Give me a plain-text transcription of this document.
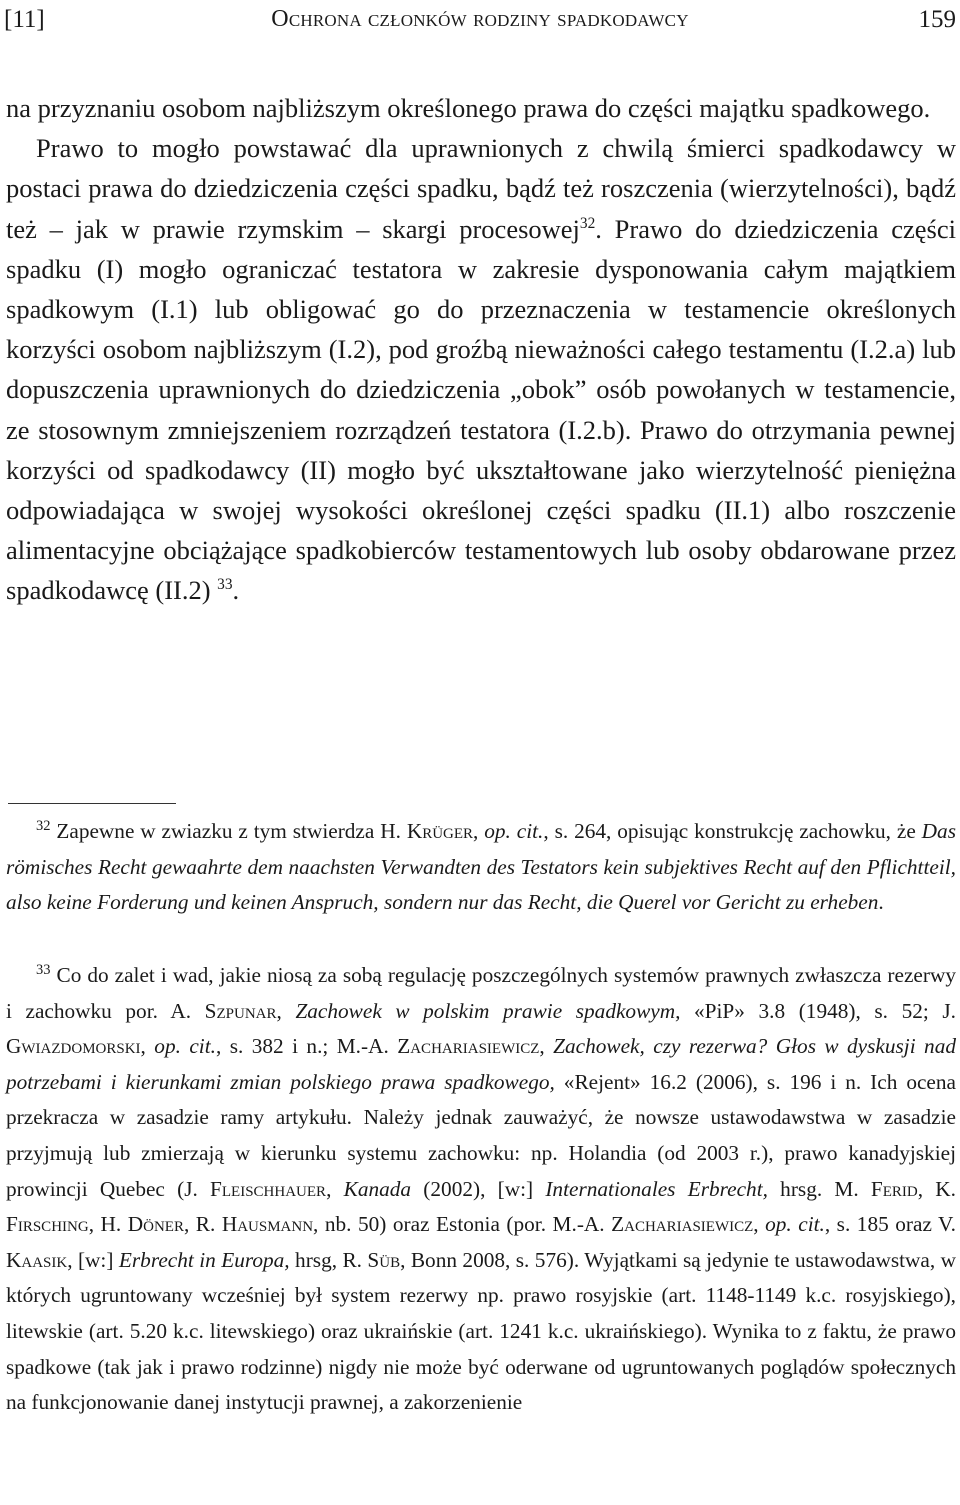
[11]	Ochrona członków rodziny spadkodawcy	159

na przyznaniu osobom najbliższym określonego prawa do części majątku spadkowego.

Prawo to mogło powstawać dla uprawnionych z chwilą śmierci spadkodawcy w postaci prawa do dziedziczenia części spadku, bądź też roszczenia (wierzytelności), bądź też – jak w prawie rzymskim – skargi procesowej$^{32}$. Prawo do dziedziczenia części spadku (I) mogło ograniczać testatora w zakresie dysponowania całym majątkiem spadkowym (I.1) lub obligować go do przeznaczenia w testamencie określonych korzyści osobom najbliższym (I.2), pod groźbą nieważności całego testamentu (I.2.a) lub dopuszczenia uprawnionych do dziedziczenia „obok” osób powołanych w testamencie, ze stosownym zmniejszeniem rozrządzeń testatora (I.2.b). Prawo do otrzymania pewnej korzyści od spadkodawcy (II) mogło być ukształtowane jako wierzytelność pieniężna odpowiadająca w swojej wysokości określonej części spadku (II.1) albo roszczenie alimentacyjne obciążające spadkobierców testamentowych lub osoby obdarowane przez spadkodawcę (II.2) $^{33}$.

$^{32}$ Zapewne w zwiazku z tym stwierdza H. Krüger, op. cit., s. 264, opisując konstrukcję zachowku, że Das römisches Recht gewaahrte dem naachsten Verwandten des Testators kein subjektives Recht auf den Pflichtteil, also keine Forderung und keinen Anspruch, sondern nur das Recht, die Querel vor Gericht zu erheben.

$^{33}$ Co do zalet i wad, jakie niosą za sobą regulację poszczególnych systemów prawnych zwłaszcza rezerwy i zachowku por. A. Szpunar, Zachowek w polskim prawie spadkowym, «PiP» 3.8 (1948), s. 52; J. Gwiazdomorski, op. cit., s. 382 i n.; M.-A. Zachariasiewicz, Zachowek, czy rezerwa? Głos w dyskusji nad potrzebami i kierunkami zmian polskiego prawa spadkowego, «Rejent» 16.2 (2006), s. 196 i n. Ich ocena przekracza w zasadzie ramy artykułu. Należy jednak zauważyć, że nowsze ustawodawstwa w zasadzie przyjmują lub zmierzają w kierunku systemu zachowku: np. Holandia (od 2003 r.), prawo kanadyjskiej prowincji Quebec (J. Fleischhauer, Kanada (2002), [w:] Internationales Erbrecht, hrsg. M. Ferid, K. Firsching, H. Döner, R. Hausmann, nb. 50) oraz Estonia (por. M.-A. Zachariasiewicz, op. cit., s. 185 oraz V. Kaasik, [w:] Erbrecht in Europa, hrsg, R. Süb, Bonn 2008, s. 576). Wyjątkami są jedynie te ustawodawstwa, w których ugruntowany wcześniej był system rezerwy np. prawo rosyjskie (art. 1148-1149 k.c. rosyjskiego), litewskie (art. 5.20 k.c. litewskiego) oraz ukraińskie (art. 1241 k.c. ukraińskiego). Wynika to z faktu, że prawo spadkowe (tak jak i prawo rodzinne) nigdy nie może być oderwane od ugruntowanych poglądów społecznych na funkcjonowanie danej instytucji prawnej, a zakorzenienie
